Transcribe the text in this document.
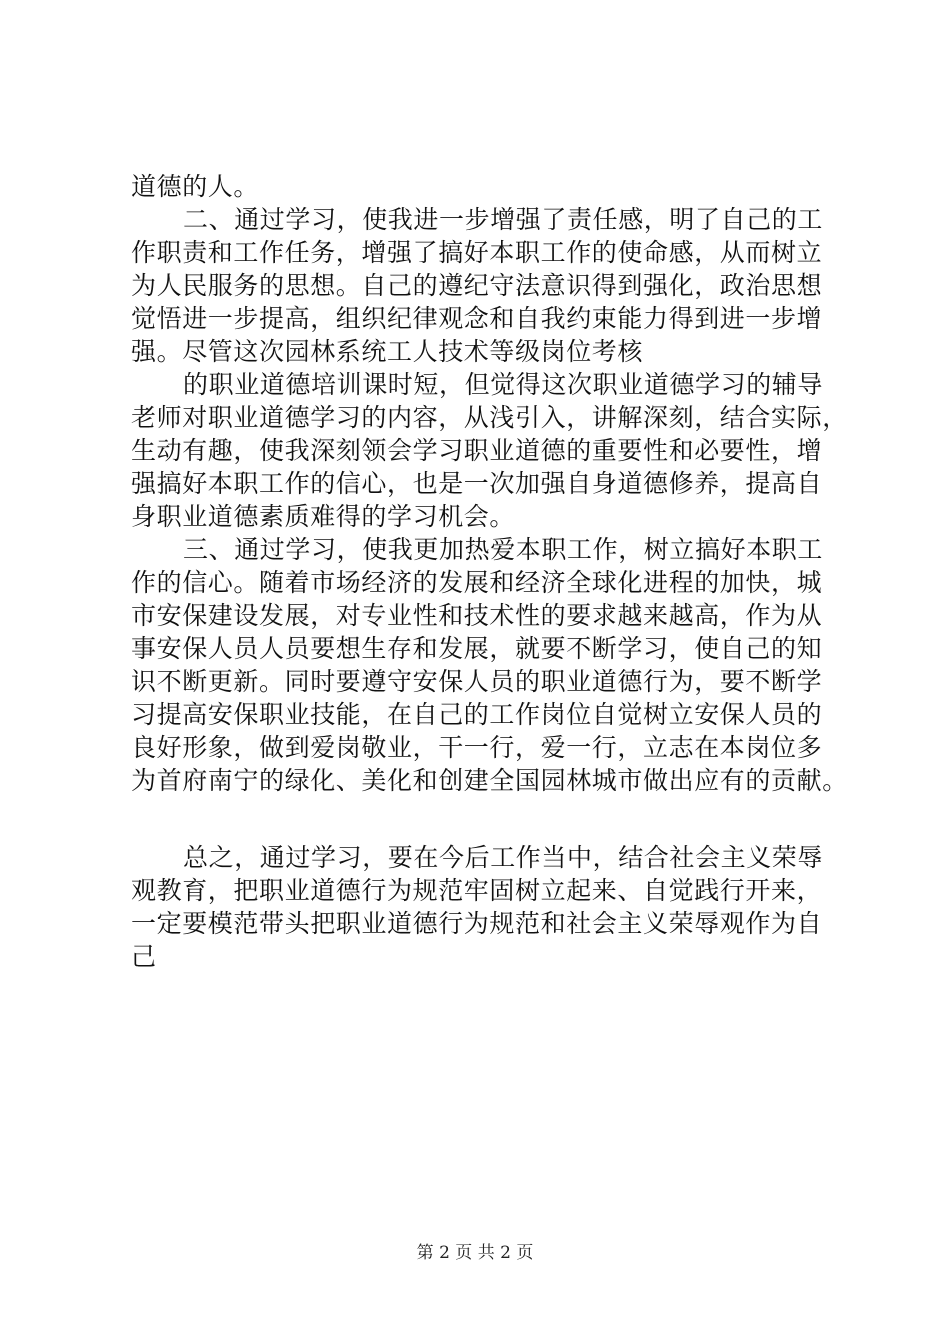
道德的人。
二、通过学习，使我进一步增强了责任感，明了自己的工
作职责和工作任务，增强了搞好本职工作的使命感，从而树立
为人民服务的思想。自己的遵纪守法意识得到强化，政治思想
觉悟进一步提高，组织纪律观念和自我约束能力得到进一步增
强。尽管这次园林系统工人技术等级岗位考核
的职业道德培训课时短，但觉得这次职业道德学习的辅导
老师对职业道德学习的内容，从浅引入，讲解深刻，结合实际，
生动有趣，使我深刻领会学习职业道德的重要性和必要性，增
强搞好本职工作的信心，也是一次加强自身道德修养，提高自
身职业道德素质难得的学习机会。
三、通过学习，使我更加热爱本职工作，树立搞好本职工
作的信心。随着市场经济的发展和经济全球化进程的加快，城
市安保建设发展，对专业性和技术性的要求越来越高，作为从
事安保人员人员要想生存和发展，就要不断学习，使自己的知
识不断更新。同时要遵守安保人员的职业道德行为，要不断学
习提高安保职业技能，在自己的工作岗位自觉树立安保人员的
良好形象，做到爱岗敬业，干一行，爱一行，立志在本岗位多
为首府南宁的绿化、美化和创建全国园林城市做出应有的贡献。
总之，通过学习，要在今后工作当中，结合社会主义荣辱
观教育，把职业道德行为规范牢固树立起来、自觉践行开来，
一定要模范带头把职业道德行为规范和社会主义荣辱观作为自
己
第 2 页 共 2 页
